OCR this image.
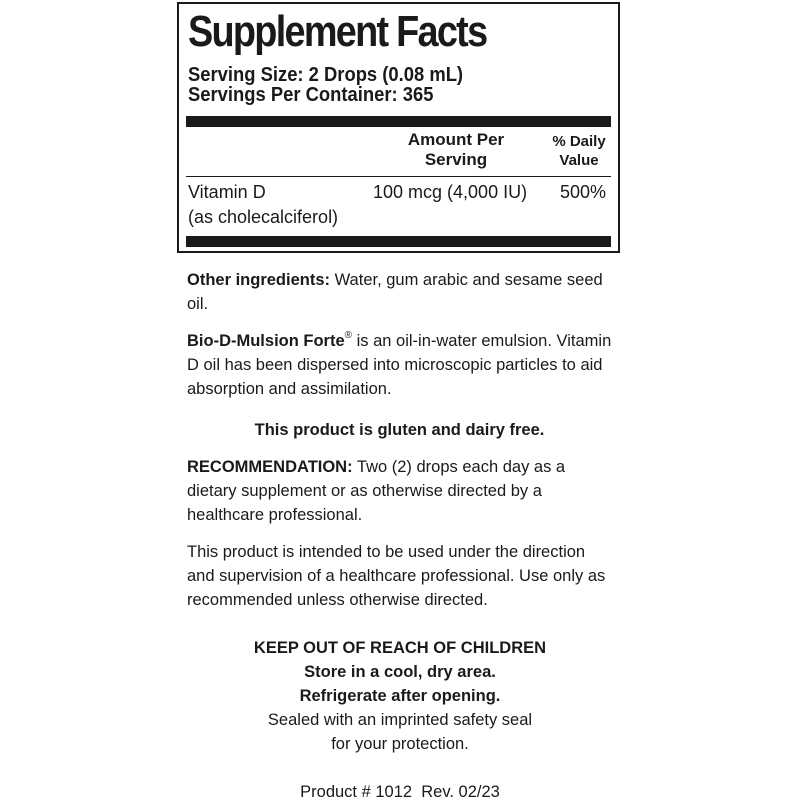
Supplement Facts
Serving Size: 2 Drops (0.08 mL)
Servings Per Container: 365
Amount Per
Serving
% Daily
Value
Vitamin D
(as cholecalciferol)
100 mcg (4,000 IU) 500%
Other ingredients: Water, gum arabic and sesame seed oil.
Bio-D-Mulsion Forte® is an oil-in-water emulsion. Vitamin D oil has been dispersed into microscopic particles to aid absorption and assimilation.
This product is gluten and dairy free.
RECOMMENDATION: Two (2) drops each day as a dietary supplement or as otherwise directed by a healthcare professional.
This product is intended to be used under the direction and supervision of a healthcare professional. Use only as recommended unless otherwise directed.
KEEP OUT OF REACH OF CHILDREN
Store in a cool, dry area.
Refrigerate after opening.
Sealed with an imprinted safety seal
for your protection.
Product # 1012 Rev. 02/23
